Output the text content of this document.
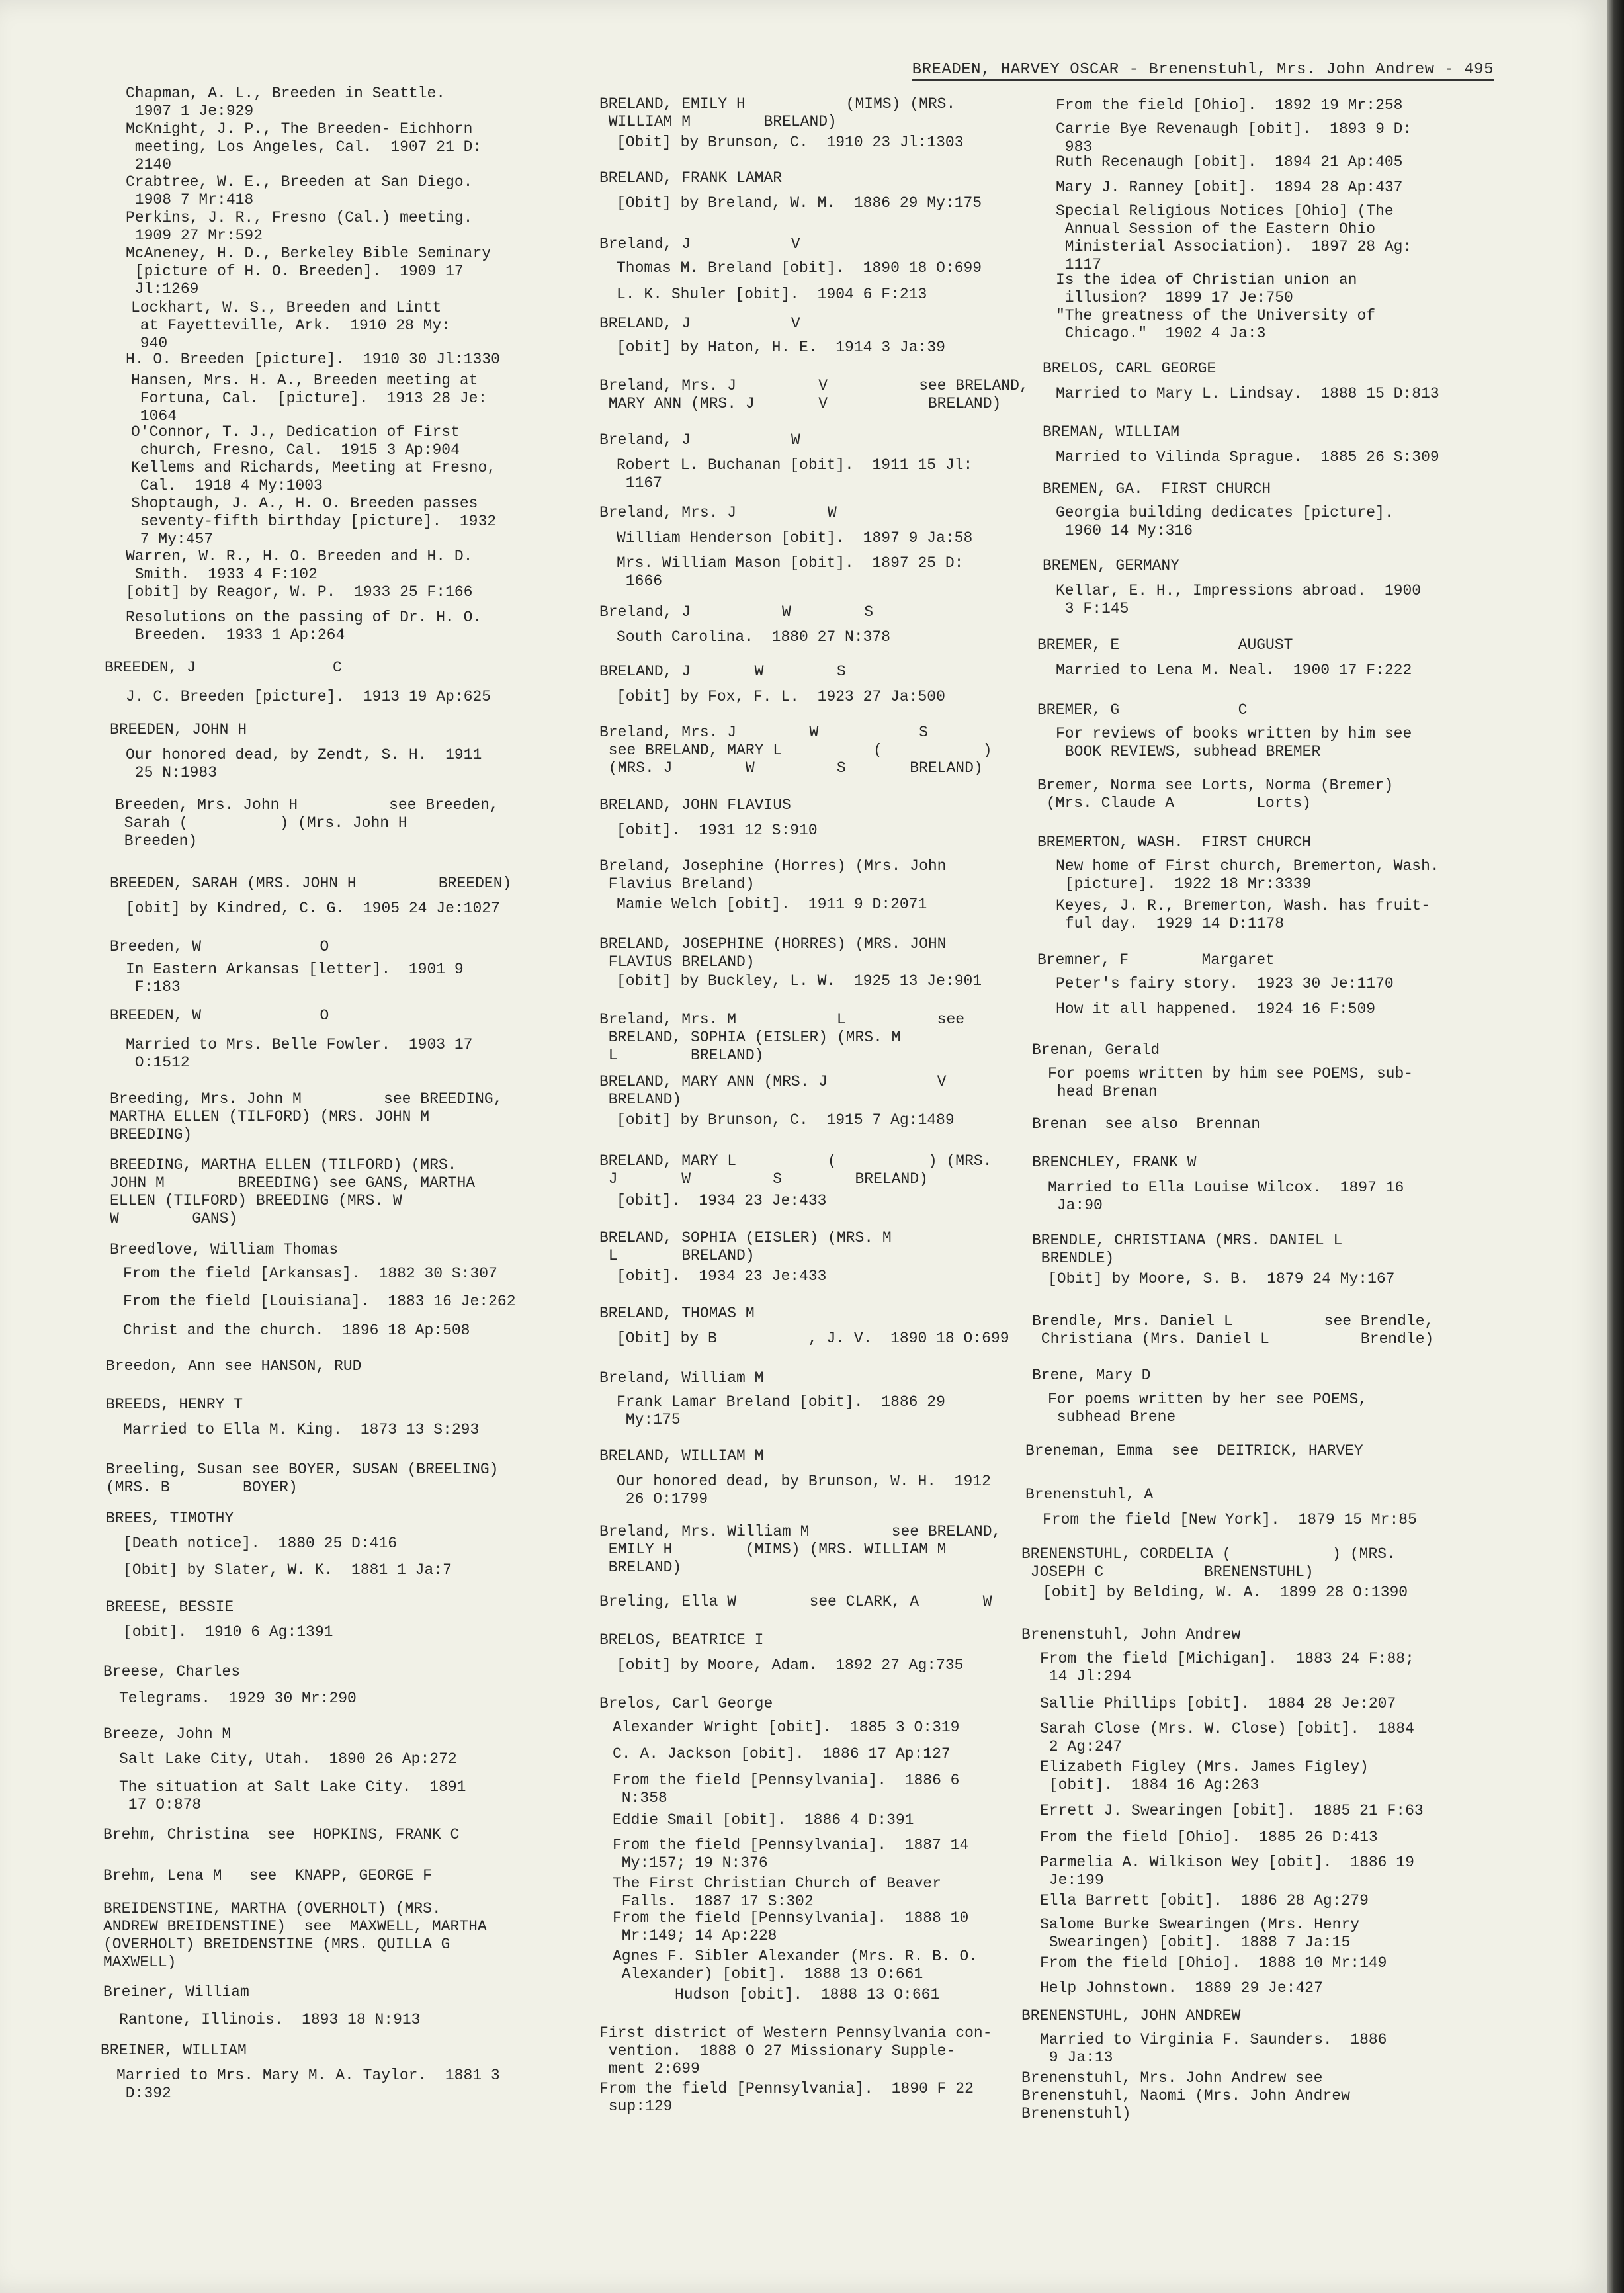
BREADEN, HARVEY OSCAR - Brenenstuhl, Mrs. John Andrew - 495

Chapman, A. L., Breeden in Seattle.
1907 1 Je:929

McKnight, J. P., The Breeden- Eichhorn
meeting, Los Angeles, Cal.  1907 21 D:
2140

Crabtree, W. E., Breeden at San Diego.
1908 7 Mr:418

Perkins, J. R., Fresno (Cal.) meeting.
1909 27 Mr:592

McAneney, H. D., Berkeley Bible Seminary
[picture of H. O. Breeden].  1909 17
Jl:1269

Lockhart, W. S., Breeden and Lintt
at Fayetteville, Ark.  1910 28 My:
940

H. O. Breeden [picture].  1910 30 Jl:1330

Hansen, Mrs. H. A., Breeden meeting at
Fortuna, Cal.  [picture].  1913 28 Je:
1064

O'Connor, T. J., Dedication of First
church, Fresno, Cal.  1915 3 Ap:904

Kellems and Richards, Meeting at Fresno,
Cal.  1918 4 My:1003

Shoptaugh, J. A., H. O. Breeden passes
seventy-fifth birthday [picture].  1932
7 My:457

Warren, W. R., H. O. Breeden and H. D.
Smith.  1933 4 F:102

[obit] by Reagor, W. P.  1933 25 F:166

Resolutions on the passing of Dr. H. O.
Breeden.  1933 1 Ap:264

BREEDEN, J               C

J. C. Breeden [picture].  1913 19 Ap:625

BREEDEN, JOHN H

Our honored dead, by Zendt, S. H.  1911
25 N:1983

Breeden, Mrs. John H          see Breeden,
Sarah (          ) (Mrs. John H
Breeden)

BREEDEN, SARAH (MRS. JOHN H         BREEDEN)

[obit] by Kindred, C. G.  1905 24 Je:1027

Breeden, W             O

In Eastern Arkansas [letter].  1901 9
F:183

BREEDEN, W             O

Married to Mrs. Belle Fowler.  1903 17
O:1512

Breeding, Mrs. John M         see BREEDING,
MARTHA ELLEN (TILFORD) (MRS. JOHN M
BREEDING)

BREEDING, MARTHA ELLEN (TILFORD) (MRS.
JOHN M        BREEDING) see GANS, MARTHA
ELLEN (TILFORD) BREEDING (MRS. W
W        GANS)

Breedlove, William Thomas

From the field [Arkansas].  1882 30 S:307

From the field [Louisiana].  1883 16 Je:262

Christ and the church.  1896 18 Ap:508

Breedon, Ann see HANSON, RUD

BREEDS, HENRY T

Married to Ella M. King.  1873 13 S:293

Breeling, Susan see BOYER, SUSAN (BREELING)
(MRS. B        BOYER)

BREES, TIMOTHY

[Death notice].  1880 25 D:416

[Obit] by Slater, W. K.  1881 1 Ja:7

BREESE, BESSIE

[obit].  1910 6 Ag:1391

Breese, Charles

Telegrams.  1929 30 Mr:290

Breeze, John M

Salt Lake City, Utah.  1890 26 Ap:272

The situation at Salt Lake City.  1891
17 O:878

Brehm, Christina  see  HOPKINS, FRANK C

Brehm, Lena M   see  KNAPP, GEORGE F

BREIDENSTINE, MARTHA (OVERHOLT) (MRS.
ANDREW BREIDENSTINE)  see  MAXWELL, MARTHA
(OVERHOLT) BREIDENSTINE (MRS. QUILLA G
MAXWELL)

Breiner, William

Rantone, Illinois.  1893 18 N:913

BREINER, WILLIAM

Married to Mrs. Mary M. A. Taylor.  1881 3
D:392

BRELAND, EMILY H           (MIMS) (MRS.
WILLIAM M        BRELAND)

[Obit] by Brunson, C.  1910 23 Jl:1303

BRELAND, FRANK LAMAR

[Obit] by Breland, W. M.  1886 29 My:175

Breland, J           V

Thomas M. Breland [obit].  1890 18 O:699

L. K. Shuler [obit].  1904 6 F:213

BRELAND, J           V

[obit] by Haton, H. E.  1914 3 Ja:39

Breland, Mrs. J         V          see BRELAND,
MARY ANN (MRS. J       V           BRELAND)

Breland, J           W

Robert L. Buchanan [obit].  1911 15 Jl:
1167

Breland, Mrs. J          W

William Henderson [obit].  1897 9 Ja:58

Mrs. William Mason [obit].  1897 25 D:
1666

Breland, J          W        S

South Carolina.  1880 27 N:378

BRELAND, J       W        S

[obit] by Fox, F. L.  1923 27 Ja:500

Breland, Mrs. J        W           S
see BRELAND, MARY L          (           )
(MRS. J        W         S       BRELAND)

BRELAND, JOHN FLAVIUS

[obit].  1931 12 S:910

Breland, Josephine (Horres) (Mrs. John
Flavius Breland)

Mamie Welch [obit].  1911 9 D:2071

BRELAND, JOSEPHINE (HORRES) (MRS. JOHN
FLAVIUS BRELAND)

[obit] by Buckley, L. W.  1925 13 Je:901

Breland, Mrs. M           L          see
BRELAND, SOPHIA (EISLER) (MRS. M
L        BRELAND)

BRELAND, MARY ANN (MRS. J            V
BRELAND)

[obit] by Brunson, C.  1915 7 Ag:1489

BRELAND, MARY L          (          ) (MRS.
J       W         S        BRELAND)

[obit].  1934 23 Je:433

BRELAND, SOPHIA (EISLER) (MRS. M
L       BRELAND)

[obit].  1934 23 Je:433

BRELAND, THOMAS M

[Obit] by B          , J. V.  1890 18 O:699

Breland, William M

Frank Lamar Breland [obit].  1886 29
My:175

BRELAND, WILLIAM M

Our honored dead, by Brunson, W. H.  1912
26 O:1799

Breland, Mrs. William M         see BRELAND,
EMILY H        (MIMS) (MRS. WILLIAM M
BRELAND)

Breling, Ella W        see CLARK, A       W

BRELOS, BEATRICE I

[obit] by Moore, Adam.  1892 27 Ag:735

Brelos, Carl George

Alexander Wright [obit].  1885 3 O:319

C. A. Jackson [obit].  1886 17 Ap:127

From the field [Pennsylvania].  1886 6
N:358

Eddie Smail [obit].  1886 4 D:391

From the field [Pennsylvania].  1887 14
My:157; 19 N:376

The First Christian Church of Beaver
Falls.  1887 17 S:302

From the field [Pennsylvania].  1888 10
Mr:149; 14 Ap:228

Agnes F. Sibler Alexander (Mrs. R. B. O.
Alexander) [obit].  1888 13 O:661

Hudson [obit].  1888 13 O:661

First district of Western Pennsylvania con-
vention.  1888 O 27 Missionary Supple-
ment 2:699

From the field [Pennsylvania].  1890 F 22
sup:129

From the field [Ohio].  1892 19 Mr:258

Carrie Bye Revenaugh [obit].  1893 9 D:
983

Ruth Recenaugh [obit].  1894 21 Ap:405

Mary J. Ranney [obit].  1894 28 Ap:437

Special Religious Notices [Ohio] (The
Annual Session of the Eastern Ohio
Ministerial Association).  1897 28 Ag:
1117

Is the idea of Christian union an
illusion?  1899 17 Je:750

"The greatness of the University of
Chicago."  1902 4 Ja:3

BRELOS, CARL GEORGE

Married to Mary L. Lindsay.  1888 15 D:813

BREMAN, WILLIAM

Married to Vilinda Sprague.  1885 26 S:309

BREMEN, GA.  FIRST CHURCH

Georgia building dedicates [picture].
1960 14 My:316

BREMEN, GERMANY

Kellar, E. H., Impressions abroad.  1900
3 F:145

BREMER, E             AUGUST

Married to Lena M. Neal.  1900 17 F:222

BREMER, G             C

For reviews of books written by him see
BOOK REVIEWS, subhead BREMER

Bremer, Norma see Lorts, Norma (Bremer)
(Mrs. Claude A         Lorts)

BREMERTON, WASH.  FIRST CHURCH

New home of First church, Bremerton, Wash.
[picture].  1922 18 Mr:3339

Keyes, J. R., Bremerton, Wash. has fruit-
ful day.  1929 14 D:1178

Bremner, F        Margaret

Peter's fairy story.  1923 30 Je:1170

How it all happened.  1924 16 F:509

Brenan, Gerald

For poems written by him see POEMS, sub-
head Brenan

Brenan  see also  Brennan

BRENCHLEY, FRANK W

Married to Ella Louise Wilcox.  1897 16
Ja:90

BRENDLE, CHRISTIANA (MRS. DANIEL L
BRENDLE)

[Obit] by Moore, S. B.  1879 24 My:167

Brendle, Mrs. Daniel L          see Brendle,
Christiana (Mrs. Daniel L          Brendle)

Brene, Mary D

For poems written by her see POEMS,
subhead Brene

Breneman, Emma  see  DEITRICK, HARVEY

Brenenstuhl, A

From the field [New York].  1879 15 Mr:85

BRENENSTUHL, CORDELIA (           ) (MRS.
JOSEPH C           BRENENSTUHL)

[obit] by Belding, W. A.  1899 28 O:1390

Brenenstuhl, John Andrew

From the field [Michigan].  1883 24 F:88;
14 Jl:294

Sallie Phillips [obit].  1884 28 Je:207

Sarah Close (Mrs. W. Close) [obit].  1884
2 Ag:247

Elizabeth Figley (Mrs. James Figley)
[obit].  1884 16 Ag:263

Errett J. Swearingen [obit].  1885 21 F:63

From the field [Ohio].  1885 26 D:413

Parmelia A. Wilkison Wey [obit].  1886 19
Je:199

Ella Barrett [obit].  1886 28 Ag:279

Salome Burke Swearingen (Mrs. Henry
Swearingen) [obit].  1888 7 Ja:15

From the field [Ohio].  1888 10 Mr:149

Help Johnstown.  1889 29 Je:427

BRENENSTUHL, JOHN ANDREW

Married to Virginia F. Saunders.  1886
9 Ja:13

Brenenstuhl, Mrs. John Andrew see
Brenenstuhl, Naomi (Mrs. John Andrew
Brenenstuhl)
